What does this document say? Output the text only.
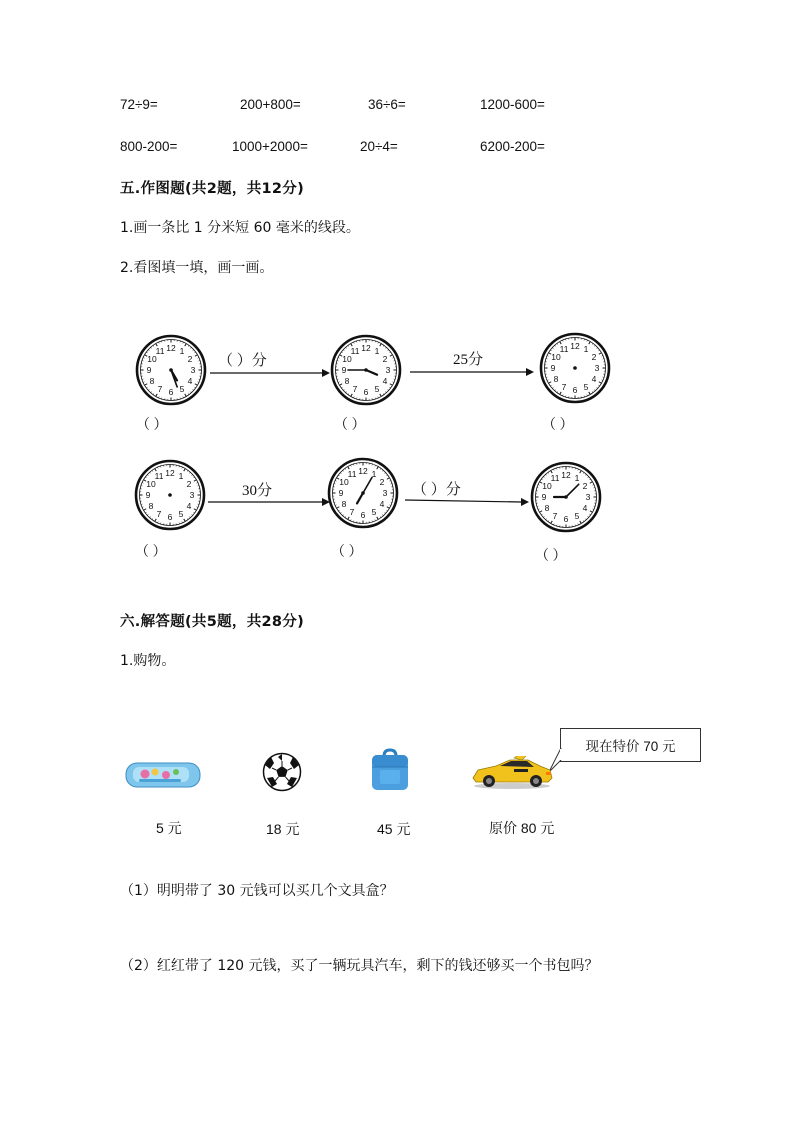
72÷9=	200+800=	36÷6=	1200-600=
800-200=	1000+2000=	20÷4=	6200-200=
五.作图题(共2题，共12分)
1.画一条比 1 分米短 60 毫米的线段。
2.看图填一填，画一画。
1
2
3
4
5
6
7
8
9
10
11 12	1
2
3
4
5
6
7
8
9
10
11 12	1
2
3
4
5
6
7
8
9
10
11 12
（ ）分	25分
（ ）	（ ）	（ ）
1
2
3
4
5
6
7
8
9
10
11 12	1
2
3
4
5
6
7
8
9
10
11 12
1
2
3
4
5
6
7
8
9
10
11 12
30分	（ ）分
（ ）	（ ）	（ ）
六.解答题(共5题，共28分)
1.购物。
现在特价 70 元
5 元	18 元	45 元	原价 80 元
（1）明明带了 30 元钱可以买几个文具盒？
（2）红红带了 120 元钱，买了一辆玩具汽车，剩下的钱还够买一个书包吗？
